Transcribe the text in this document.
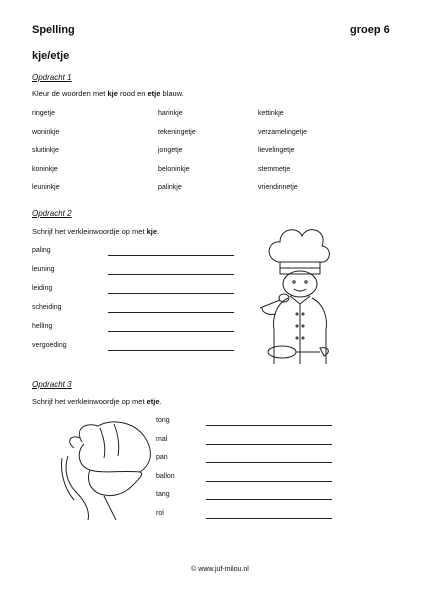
Spelling	groep 6
kje/etje
Opdracht 1
Kleur de woorden met kje rood en etje blauw.
ringetje	harinkje	kettinkje
woninkje	tekeningetje	verzamelingetje
sluitinkje	jongetje	lievelingetje
koninkje	beloninkje	stemmetje
leuninkje	palinkje	vriendinnetje
Opdracht 2
Schrijf het verkleinwoordje op met kje.
paling
leuning
leiding
scheiding
helling
vergoeding
Opdracht 3
Schrijf het verkleinwoordje op met etje.
tong
mal
pan
ballon
tang
rol
© www.juf-milou.nl
